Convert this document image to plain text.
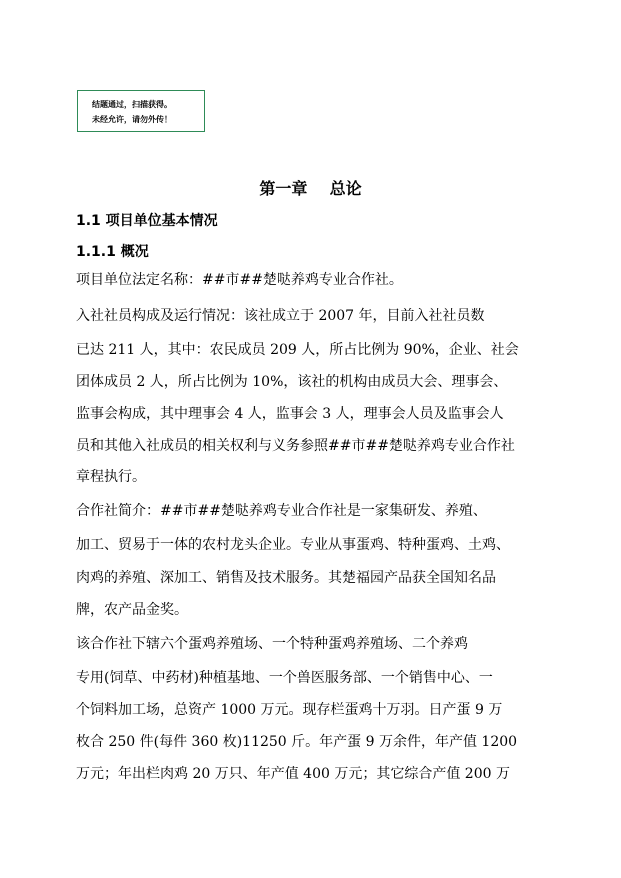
结题通过，扫描获得。
未经允许，请勿外传！
第一章    总论
1.1 项目单位基本情况
1.1.1 概况
项目单位法定名称：##市##楚哒养鸡专业合作社。
入社社员构成及运行情况：该社成立于 2007 年，目前入社社员数
已达 211 人，其中：农民成员 209 人，所占比例为 90%，企业、社会
团体成员 2 人，所占比例为 10%，该社的机构由成员大会、理事会、
监事会构成，其中理事会 4 人，监事会 3 人，理事会人员及监事会人
员和其他入社成员的相关权利与义务参照##市##楚哒养鸡专业合作社
章程执行。
合作社简介：##市##楚哒养鸡专业合作社是一家集研发、养殖、
加工、贸易于一体的农村龙头企业。专业从事蛋鸡、特种蛋鸡、土鸡、
肉鸡的养殖、深加工、销售及技术服务。其楚福园产品获全国知名品
牌，农产品金奖。
该合作社下辖六个蛋鸡养殖场、一个特种蛋鸡养殖场、二个养鸡
专用(饲草、中药材)种植基地、一个兽医服务部、一个销售中心、一
个饲料加工场，总资产 1000 万元。现存栏蛋鸡十万羽。日产蛋 9 万
枚合 250 件(每件 360 枚)11250 斤。年产蛋 9 万余件，年产值 1200
万元；年出栏肉鸡 20 万只、年产值 400 万元；其它综合产值 200 万
